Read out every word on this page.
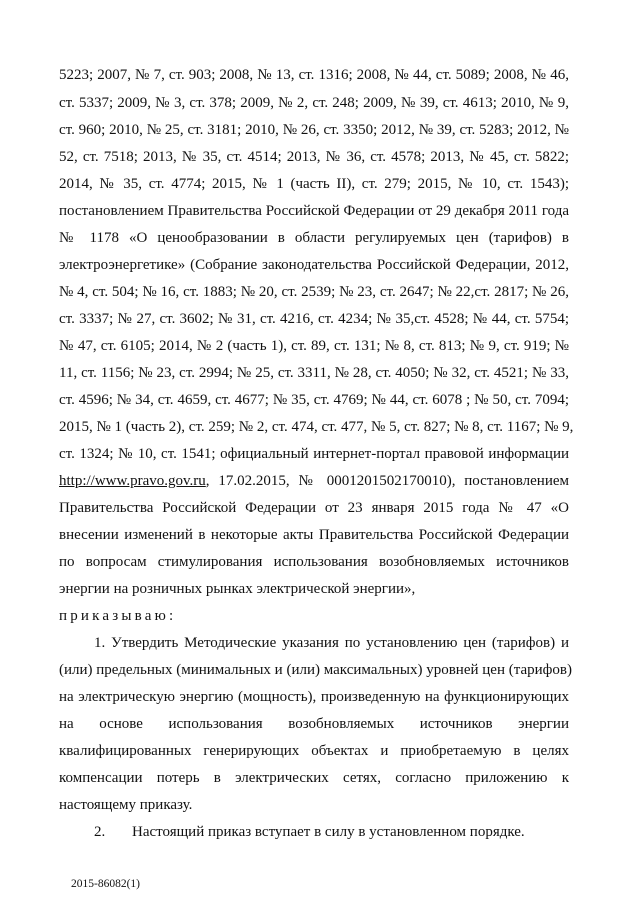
5223; 2007, № 7, ст. 903; 2008, № 13, ст. 1316; 2008, № 44, ст. 5089; 2008, № 46,
ст. 5337; 2009, № 3, ст. 378; 2009, № 2, ст. 248; 2009, № 39, ст. 4613; 2010, № 9,
ст. 960; 2010, № 25, ст. 3181; 2010, № 26, ст. 3350; 2012, № 39, ст. 5283; 2012, №
52, ст. 7518; 2013, № 35, ст. 4514; 2013, № 36, ст. 4578; 2013, № 45, ст. 5822;
2014, № 35, ст. 4774; 2015, № 1 (часть II), ст. 279; 2015, № 10, ст. 1543);
постановлением Правительства Российской Федерации от 29 декабря 2011 года
№ 1178 «О ценообразовании в области регулируемых цен (тарифов) в
электроэнергетике» (Собрание законодательства Российской Федерации, 2012,
№ 4, ст. 504; № 16, ст. 1883; № 20, ст. 2539; № 23, ст. 2647; № 22,ст. 2817; № 26,
ст. 3337; № 27, ст. 3602; № 31, ст. 4216, ст. 4234; № 35,ст. 4528; № 44, ст. 5754;
№ 47, ст. 6105; 2014, № 2 (часть 1), ст. 89, ст. 131; № 8, ст. 813; № 9, ст. 919; №
11, ст. 1156; № 23, ст. 2994; № 25, ст. 3311, № 28, ст. 4050; № 32, ст. 4521; № 33,
ст. 4596; № 34, ст. 4659, ст. 4677; № 35, ст. 4769; № 44, ст. 6078 ; № 50, ст. 7094;
2015, № 1 (часть 2), ст. 259; № 2, ст. 474, ст. 477, № 5, ст. 827; № 8, ст. 1167; № 9,
ст. 1324; № 10, ст. 1541; официальный интернет-портал правовой информации
http://www.pravo.gov.ru, 17.02.2015, № 0001201502170010), постановлением
Правительства Российской Федерации от 23 января 2015 года № 47 «О
внесении изменений в некоторые акты Правительства Российской Федерации
по вопросам стимулирования использования возобновляемых источников
энергии на розничных рынках электрической энергии»,
приказываю:
1. Утвердить Методические указания по установлению цен (тарифов) и
(или) предельных (минимальных и (или) максимальных) уровней цен (тарифов)
на электрическую энергию (мощность), произведенную на функционирующих
на основе использования возобновляемых источников энергии
квалифицированных генерирующих объектах и приобретаемую в целях
компенсации потерь в электрических сетях, согласно приложению к
настоящему приказу.
2.	Настоящий приказ вступает в силу в установленном порядке.
2015-86082(1)
